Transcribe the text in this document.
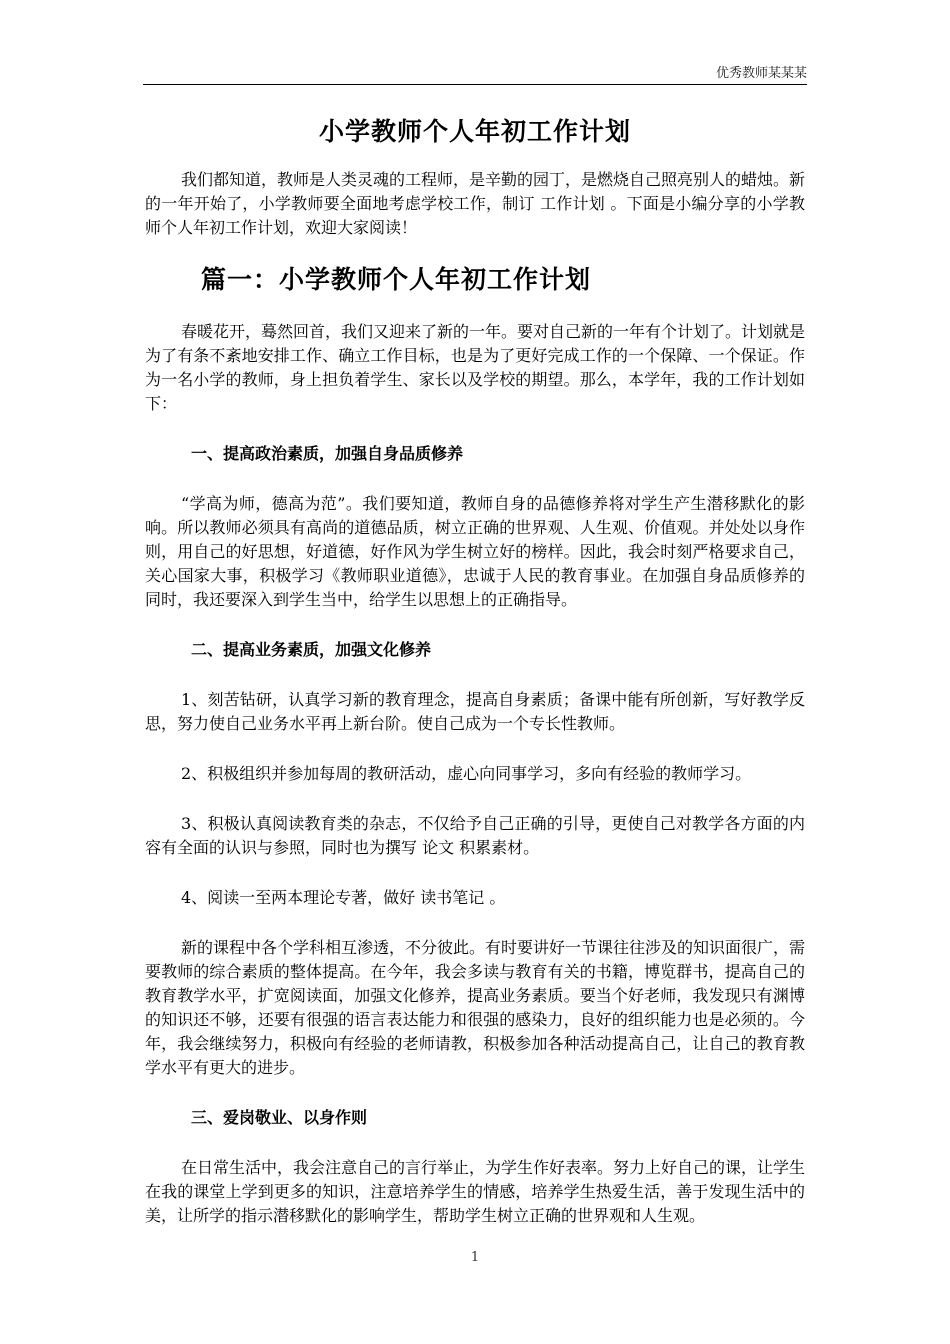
优秀教师某某某
小学教师个人年初工作计划

我们都知道，教师是人类灵魂的工程师，是辛勤的园丁，是燃烧自己照亮别人的蜡烛。新的一年开始了，小学教师要全面地考虑学校工作，制订 工作计划 。下面是小编分享的小学教师个人年初工作计划，欢迎大家阅读！

篇一：小学教师个人年初工作计划

春暖花开，蓦然回首，我们又迎来了新的一年。要对自己新的一年有个计划了。计划就是为了有条不紊地安排工作、确立工作目标，也是为了更好完成工作的一个保障、一个保证。作为一名小学的教师，身上担负着学生、家长以及学校的期望。那么，本学年，我的工作计划如下：

一、提高政治素质，加强自身品质修养

“学高为师，德高为范”。我们要知道，教师自身的品德修养将对学生产生潜移默化的影响。所以教师必须具有高尚的道德品质，树立正确的世界观、人生观、价值观。并处处以身作则，用自己的好思想，好道德，好作风为学生树立好的榜样。因此，我会时刻严格要求自己，关心国家大事，积极学习《教师职业道德》，忠诚于人民的教育事业。在加强自身品质修养的同时，我还要深入到学生当中，给学生以思想上的正确指导。

二、提高业务素质，加强文化修养

1、刻苦钻研，认真学习新的教育理念，提高自身素质；备课中能有所创新，写好教学反思，努力使自己业务水平再上新台阶。使自己成为一个专长性教师。

2、积极组织并参加每周的教研活动，虚心向同事学习，多向有经验的教师学习。

3、积极认真阅读教育类的杂志，不仅给予自己正确的引导，更使自己对教学各方面的内容有全面的认识与参照，同时也为撰写 论文 积累素材。

4、阅读一至两本理论专著，做好 读书笔记 。

新的课程中各个学科相互渗透，不分彼此。有时要讲好一节课往往涉及的知识面很广，需要教师的综合素质的整体提高。在今年，我会多读与教育有关的书籍，博览群书，提高自己的教育教学水平，扩宽阅读面，加强文化修养，提高业务素质。要当个好老师，我发现只有渊博的知识还不够，还要有很强的语言表达能力和很强的感染力，良好的组织能力也是必须的。今年，我会继续努力，积极向有经验的老师请教，积极参加各种活动提高自己，让自己的教育教学水平有更大的进步。

三、爱岗敬业、以身作则

在日常生活中，我会注意自己的言行举止，为学生作好表率。努力上好自己的课，让学生在我的课堂上学到更多的知识，注意培养学生的情感，培养学生热爱生活，善于发现生活中的美，让所学的指示潜移默化的影响学生，帮助学生树立正确的世界观和人生观。

1
